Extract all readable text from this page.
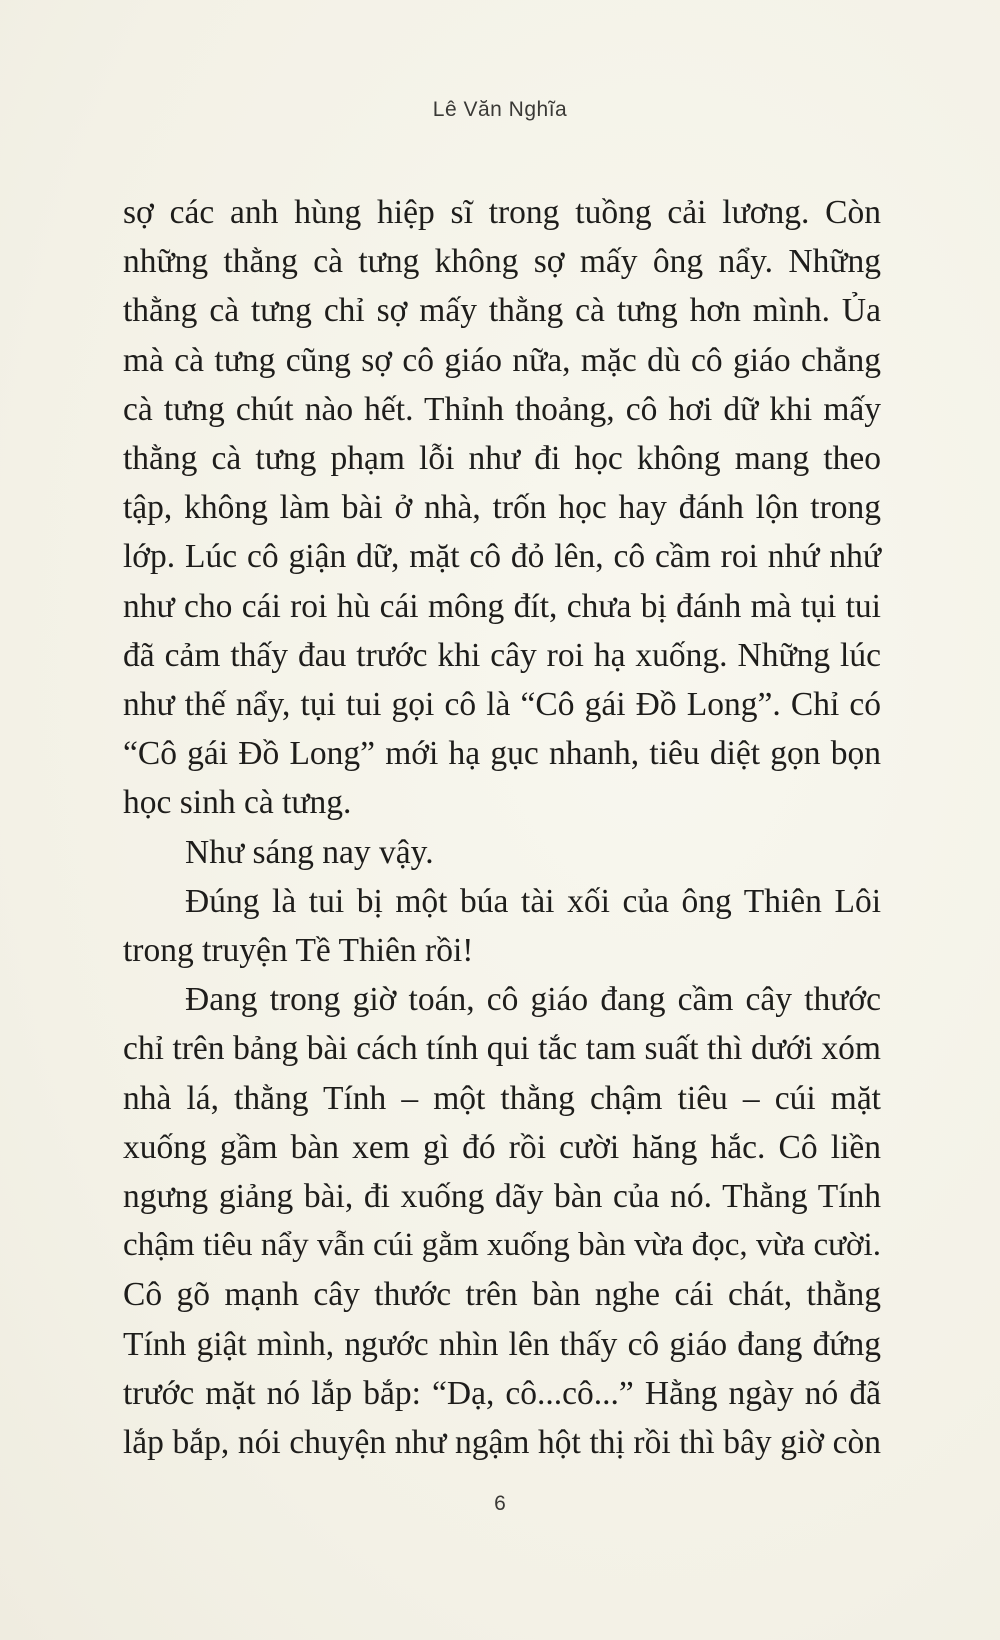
Lê Văn Nghĩa

sợ các anh hùng hiệp sĩ trong tuồng cải lương. Còn

những thằng cà tưng không sợ mấy ông nẩy. Những

thằng cà tưng chỉ sợ mấy thằng cà tưng hơn mình. Ủa

mà cà tưng cũng sợ cô giáo nữa, mặc dù cô giáo chẳng

cà tưng chút nào hết. Thỉnh thoảng, cô hơi dữ khi mấy

thằng cà tưng phạm lỗi như đi học không mang theo

tập, không làm bài ở nhà, trốn học hay đánh lộn trong

lớp. Lúc cô giận dữ, mặt cô đỏ lên, cô cầm roi nhứ nhứ

như cho cái roi hù cái mông đít, chưa bị đánh mà tụi tui

đã cảm thấy đau trước khi cây roi hạ xuống. Những lúc

như thế nẩy, tụi tui gọi cô là “Cô gái Đồ Long”. Chỉ có

“Cô gái Đồ Long” mới hạ gục nhanh, tiêu diệt gọn bọn

học sinh cà tưng.

Như sáng nay vậy.

Đúng là tui bị một búa tài xối của ông Thiên Lôi

trong truyện Tề Thiên rồi!

Đang trong giờ toán, cô giáo đang cầm cây thước

chỉ trên bảng bài cách tính qui tắc tam suất thì dưới xóm

nhà lá, thằng Tính – một thằng chậm tiêu – cúi mặt

xuống gầm bàn xem gì đó rồi cười hăng hắc. Cô liền

ngưng giảng bài, đi xuống dãy bàn của nó. Thằng Tính

chậm tiêu nẩy vẫn cúi gằm xuống bàn vừa đọc, vừa cười.

Cô gõ mạnh cây thước trên bàn nghe cái chát, thằng

Tính giật mình, ngước nhìn lên thấy cô giáo đang đứng

trước mặt nó lắp bắp: “Dạ, cô...cô...” Hằng ngày nó đã

lắp bắp, nói chuyện như ngậm hột thị rồi thì bây giờ còn

6
